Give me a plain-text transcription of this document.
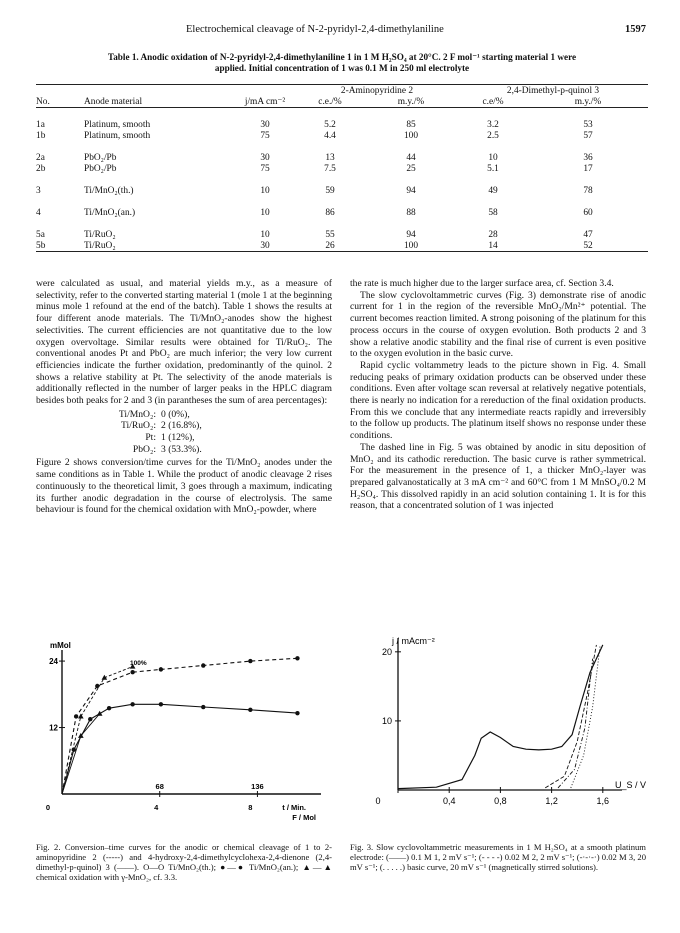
Electrochemical cleavage of N-2-pyridyl-2,4-dimethylaniline	1597
Table 1. Anodic oxidation of N-2-pyridyl-2,4-dimethylaniline 1 in 1 M H₂SO₄ at 20°C. 2 F mol⁻¹ starting material 1 were
applied. Initial concentration of 1 was 0.1 M in 250 ml electrolyte
			2-Aminopyridine 2		2,4-Dimethyl-p-quinol 3	
No.	Anode material	j/mA cm⁻²	c.e./%	m.y./%	c.e/%	m.y./%

1a	Platinum, smooth	30	5.2	85	3.2	53
1b	Platinum, smooth	75	4.4	100	2.5	57

2a	PbO₂/Pb	30	13	44	10	36
2b	PbO₂/Pb	75	7.5	25	5.1	17

3	Ti/MnO₂(th.)	10	59	94	49	78

4	Ti/MnO₂(an.)	10	86	88	58	60

5a	Ti/RuO₂	10	55	94	28	47
5b	Ti/RuO₂	30	26	100	14	52

were calculated as usual, and material yields m.y., as a measure of selectivity, refer to the converted starting material 1 (mole 1 at the beginning minus mole 1 refound at the end of the batch). Table 1 shows the results at four different anode materials. The Ti/MnO₂-anodes show the highest selectivities. The current efficiencies are not quantitative due to the low oxygen overvoltage. Similar results were obtained for Ti/RuO₂. The conventional anodes Pt and PbO₂ are much inferior; the very low current efficiencies indicate the further oxidation, predominantly of the quinol. 2 shows a relative stability at Pt. The selectivity of the anode materials is additionally reflected in the number of larger peaks in the HPLC diagram besides both peaks for 2 and 3 (in parantheses the sum of area percentages):

Ti/MnO₂: 0 (0%),
Ti/RuO₂: 2 (16.8%),
Pt: 1 (12%),
PbO₂: 3 (53.3%).

Figure 2 shows conversion/time curves for the Ti/MnO₂ anodes under the same conditions as in Table 1. While the product of anodic cleavage 2 rises continuously to the theoretical limit, 3 goes through a maximum, indicating its further anodic degradation in the course of electrolysis. The same behaviour is found for the chemical oxidation with MnO₂-powder, where

the rate is much higher due to the larger surface area, cf. Section 3.4.

The slow cyclovoltammetric curves (Fig. 3) demonstrate rise of anodic current for 1 in the region of the reversible MnO₂/Mn²⁺ potential. The current becomes reaction limited. A strong poisoning of the platinum for this process occurs in the course of oxygen evolution. Both products 2 and 3 show a relative anodic stability and the final rise of current is even positive to the oxygen evolution in the basic curve.

Rapid cyclic voltammetry leads to the picture shown in Fig. 4. Small reducing peaks of primary oxidation products can be observed under these conditions. Even after voltage scan reversal at relatively negative potentials, there is nearly no indication for a rereduction of the final oxidation products. From this we conclude that any intermediate reacts rapidly and irreversibly to the follow up products. The platinum itself shows no response under these conditions.

The dashed line in Fig. 5 was obtained by anodic in situ deposition of MnO₂ and its cathodic rereduction. The basic curve is rather symmetrical. For the measurement in the presence of 1, a thicker MnO₂-layer was prepared galvanostatically at 3 mA cm⁻² and 60°C from 1 M MnSO₄/0.2 M H₂SO₄. This dissolved rapidly in an acid solution containing 1. It is for this reason, that a concentrated solution of 1 was injected

mMol
100%
24
12
68	136
t / Min.
0	4	8
F / Mol
j / mAcm⁻²
20
10
0	0,4	0,8	1,2	1,6
U_S / V
Fig. 2. Conversion–time curves for the anodic or chemical cleavage of 1 to 2-aminopyridine 2 (-----) and 4-hydroxy-2,4-dimethylcyclohexa-2,4-dienone (2,4-dimethyl-p-quinol) 3 (——). O—O Ti/MnO₂(th.); ●—● Ti/MnO₂(an.); ▲—▲ chemical oxidation with γ-MnO₂, cf. 3.3.
Fig. 3. Slow cyclovoltammetric measurements in 1 M H₂SO₄ at a smooth platinum electrode: (——) 0.1 M 1, 2 mV s⁻¹; (- - - -) 0.02 M 2, 2 mV s⁻¹; (-·-·-·) 0.02 M 3, 20 mV s⁻¹; (. . . . .) basic curve, 20 mV s⁻¹ (magnetically stirred solutions).
